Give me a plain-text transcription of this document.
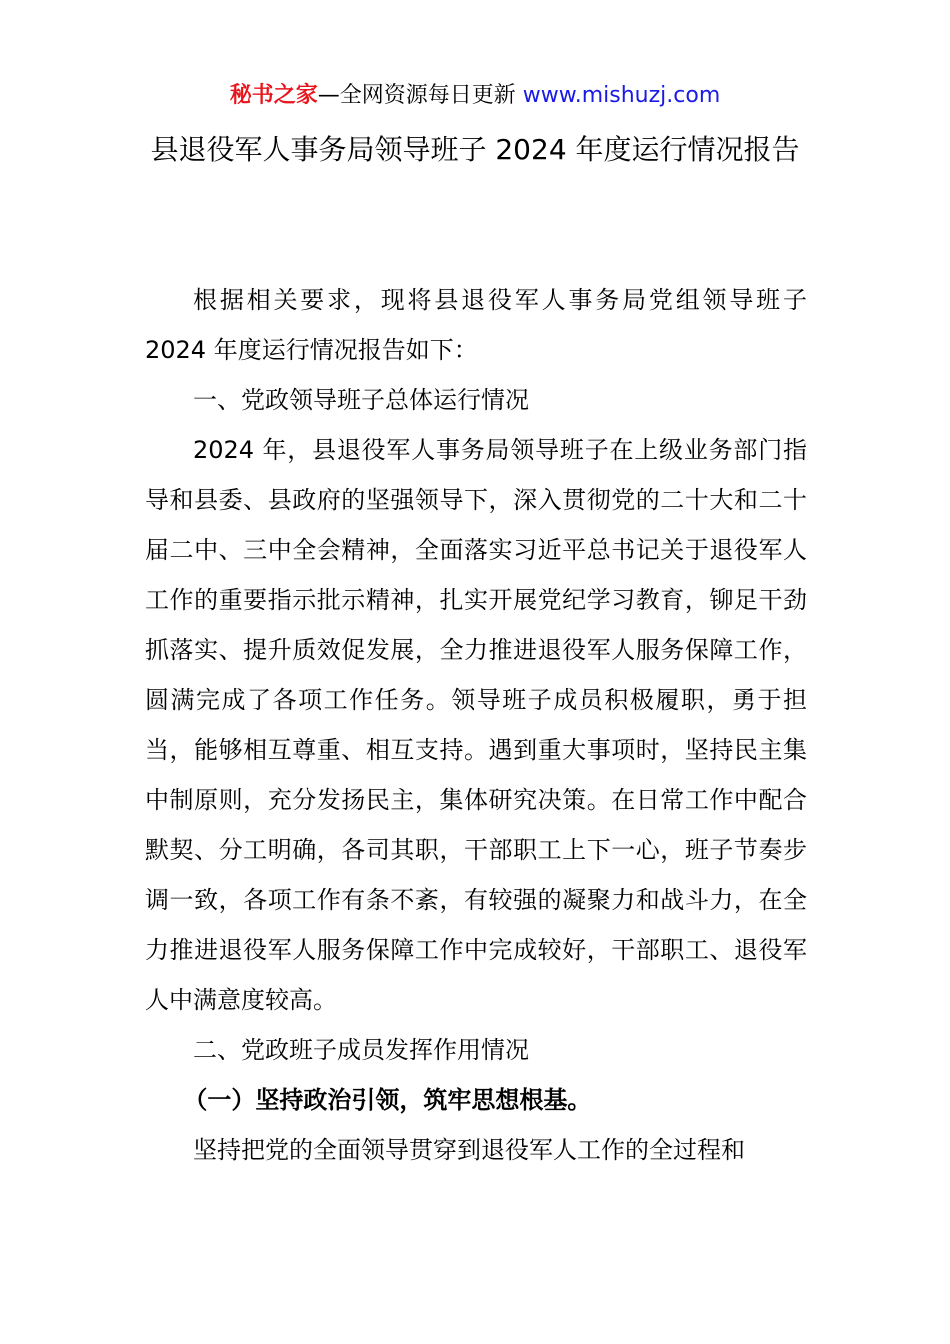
秘书之家—全网资源每日更新 www.mishuzj.com
县退役军人事务局领导班子 2024 年度运行情况报告

根据相关要求，现将县退役军人事务局党组领导班子 2024 年度运行情况报告如下：

一、党政领导班子总体运行情况

2024 年，县退役军人事务局领导班子在上级业务部门指导和县委、县政府的坚强领导下，深入贯彻党的二十大和二十届二中、三中全会精神，全面落实习近平总书记关于退役军人工作的重要指示批示精神，扎实开展党纪学习教育，铆足干劲抓落实、提升质效促发展，全力推进退役军人服务保障工作，圆满完成了各项工作任务。领导班子成员积极履职，勇于担当，能够相互尊重、相互支持。遇到重大事项时，坚持民主集中制原则，充分发扬民主，集体研究决策。在日常工作中配合默契、分工明确，各司其职，干部职工上下一心，班子节奏步调一致，各项工作有条不紊，有较强的凝聚力和战斗力，在全力推进退役军人服务保障工作中完成较好，干部职工、退役军人中满意度较高。

二、党政班子成员发挥作用情况

（一）坚持政治引领，筑牢思想根基。

坚持把党的全面领导贯穿到退役军人工作的全过程和
